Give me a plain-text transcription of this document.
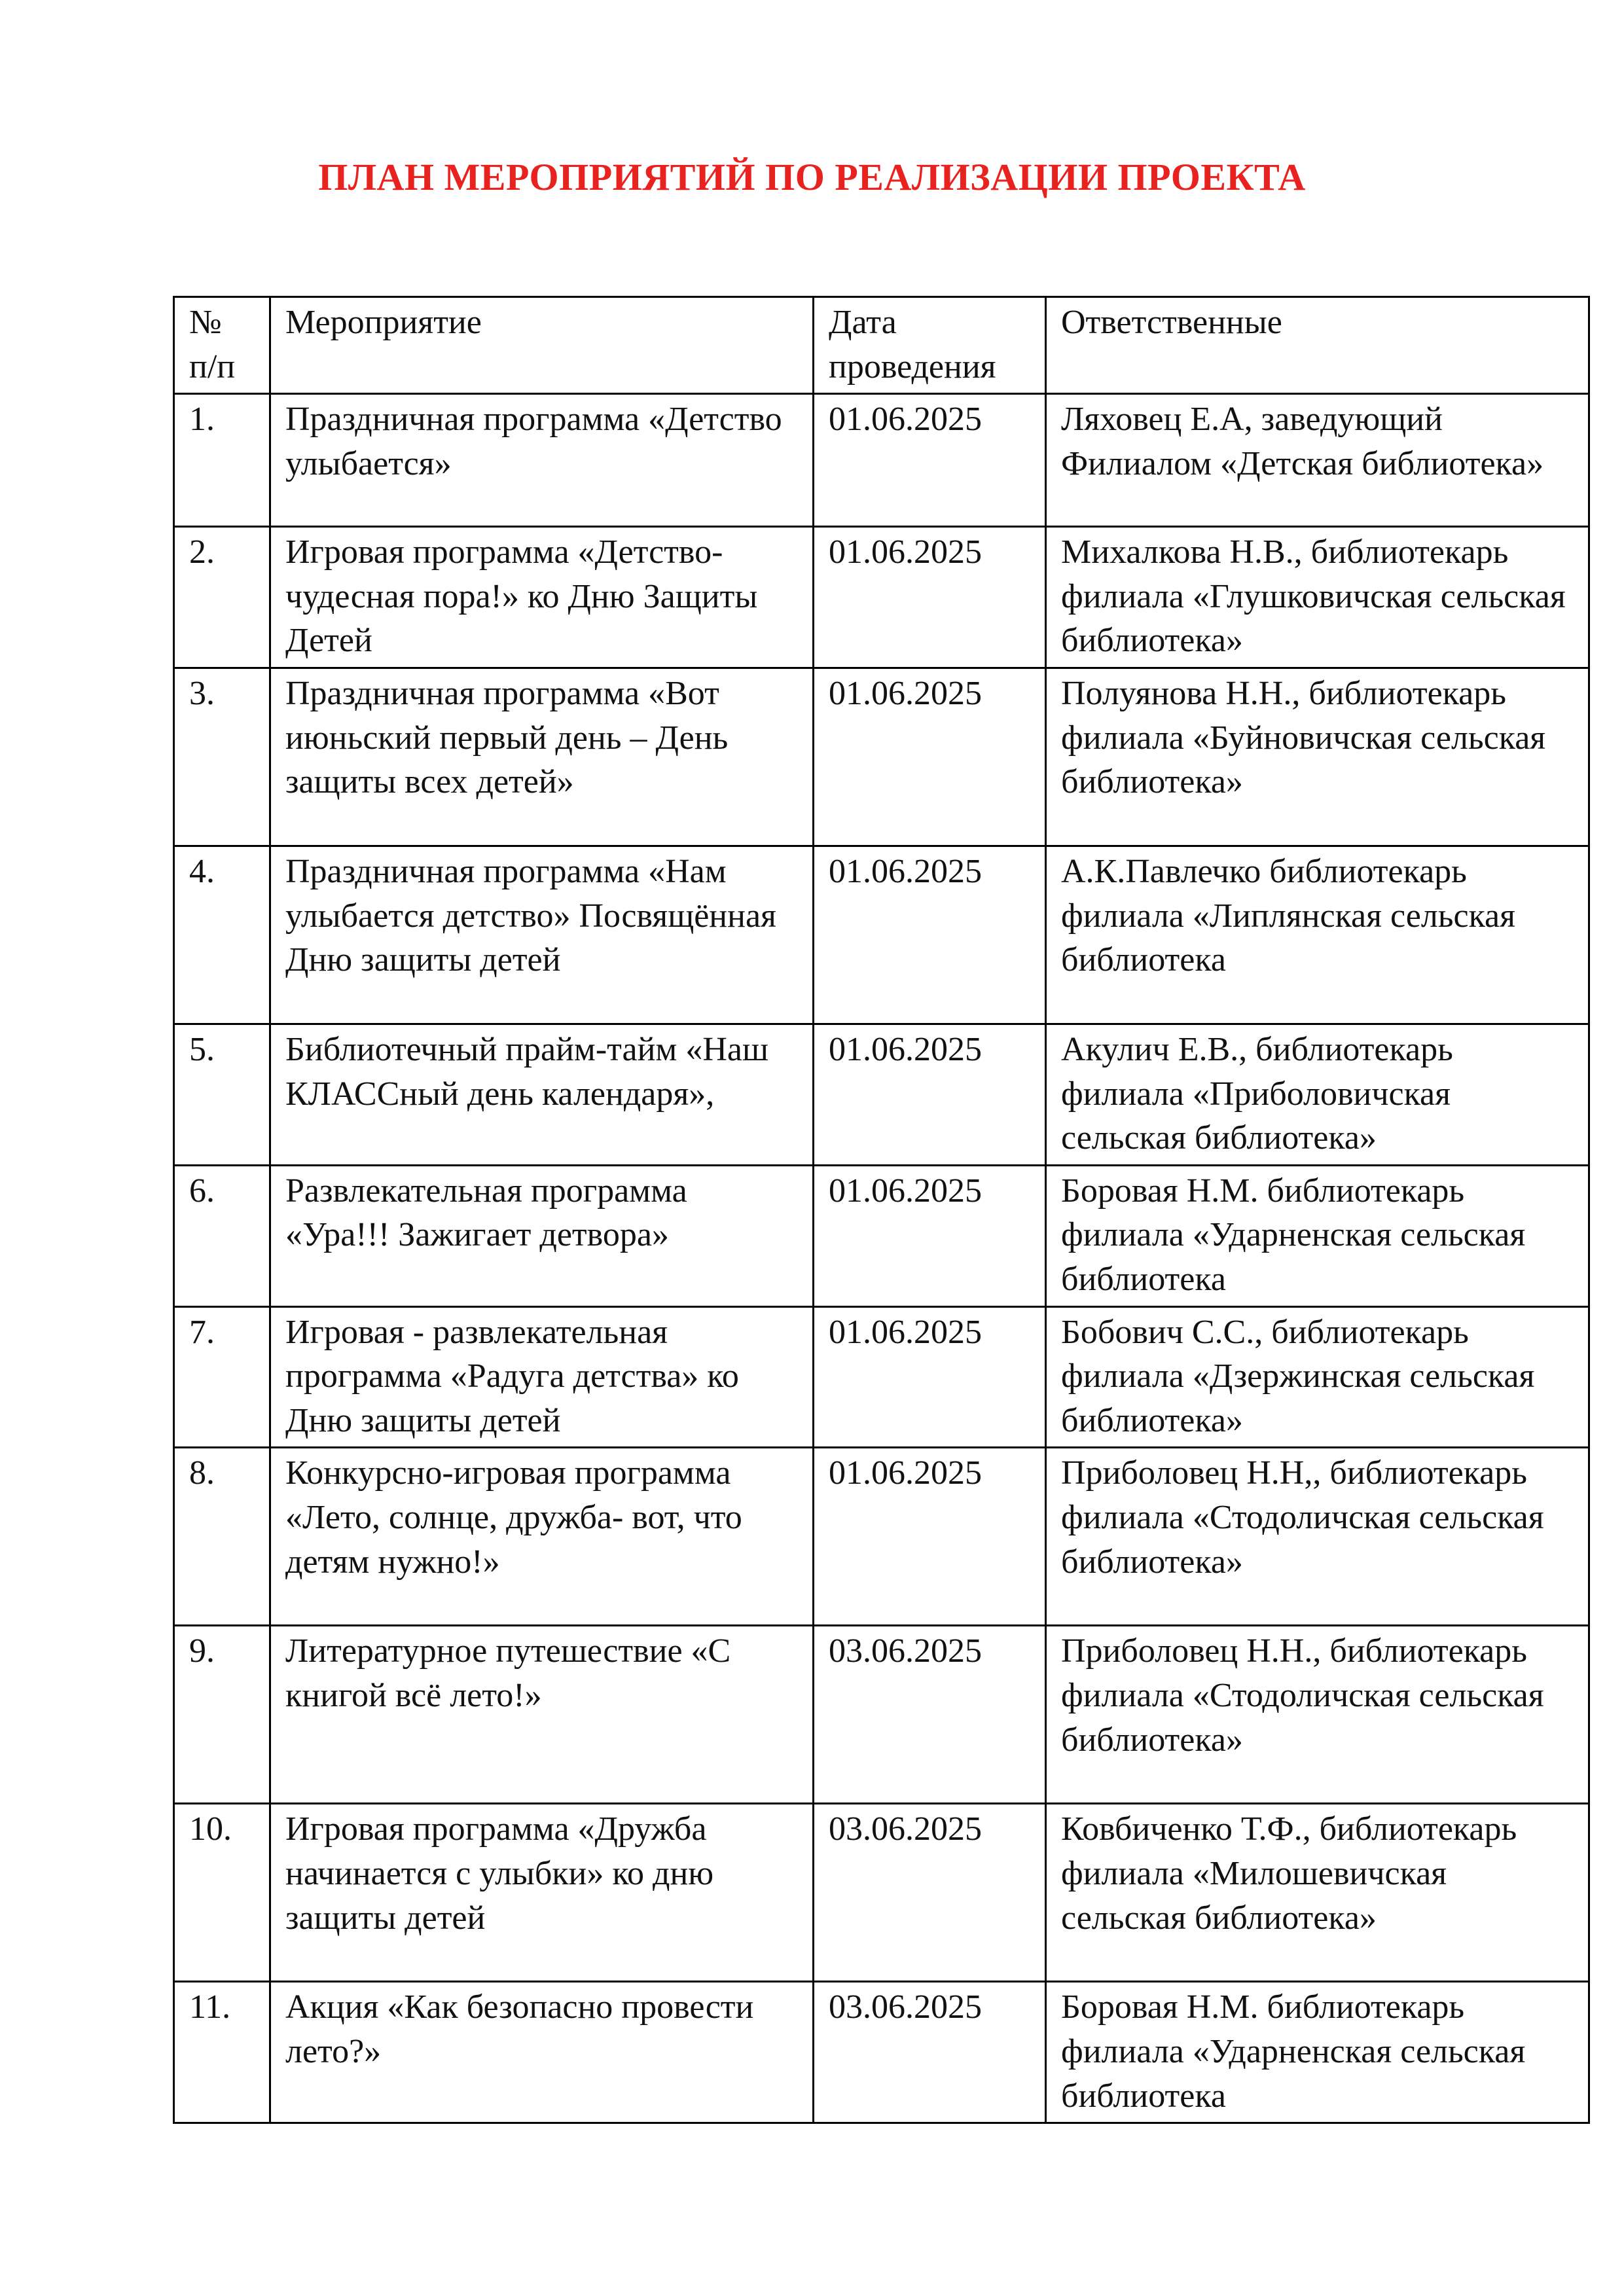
ПЛАН МЕРОПРИЯТИЙ ПО РЕАЛИЗАЦИИ ПРОЕКТА
№ п/п	Мероприятие	Дата проведения	Ответственные
1.	Праздничная программа «Детство улыбается»	01.06.2025	Ляховец Е.А, заведующий Филиалом «Детская библиотека»
2.	Игровая программа «Детство-чудесная пора!» ко Дню Защиты Детей	01.06.2025	Михалкова Н.В., библиотекарь филиала «Глушковичская сельская библиотека»
3.	Праздничная программа «Вот июньский первый день – День защиты всех детей»	01.06.2025	Полуянова Н.Н., библиотекарь филиала «Буйновичская сельская библиотека»
4.	Праздничная программа «Нам улыбается детство» Посвящённая Дню защиты детей	01.06.2025	А.К.Павлечко библиотекарь филиала «Липлянская сельская библиотека
5.	Библиотечный прайм-тайм «Наш КЛАССный день календаря»,	01.06.2025	Акулич Е.В., библиотекарь филиала «Приболовичская сельская библиотека»
6.	Развлекательная программа «Ура!!! Зажигает детвора»	01.06.2025	Боровая Н.М. библиотекарь филиала «Ударненская сельская библиотека
7.	Игровая - развлекательная программа «Радуга детства» ко Дню защиты детей	01.06.2025	Бобович С.С., библиотекарь филиала «Дзержинская сельская библиотека»
8.	Конкурсно-игровая программа «Лето, солнце, дружба- вот, что детям нужно!»	01.06.2025	Приболовец Н.Н,, библиотекарь филиала «Стодоличская сельская библиотека»
9.	Литературное путешествие «С книгой всё лето!»	03.06.2025	Приболовец Н.Н., библиотекарь филиала «Стодоличская сельская библиотека»
10.	Игровая программа «Дружба начинается с улыбки» ко дню защиты детей	03.06.2025	Ковбиченко Т.Ф., библиотекарь филиала «Милошевичская сельская библиотека»
11.	Акция «Как безопасно провести лето?»	03.06.2025	Боровая Н.М. библиотекарь филиала «Ударненская сельская библиотека
